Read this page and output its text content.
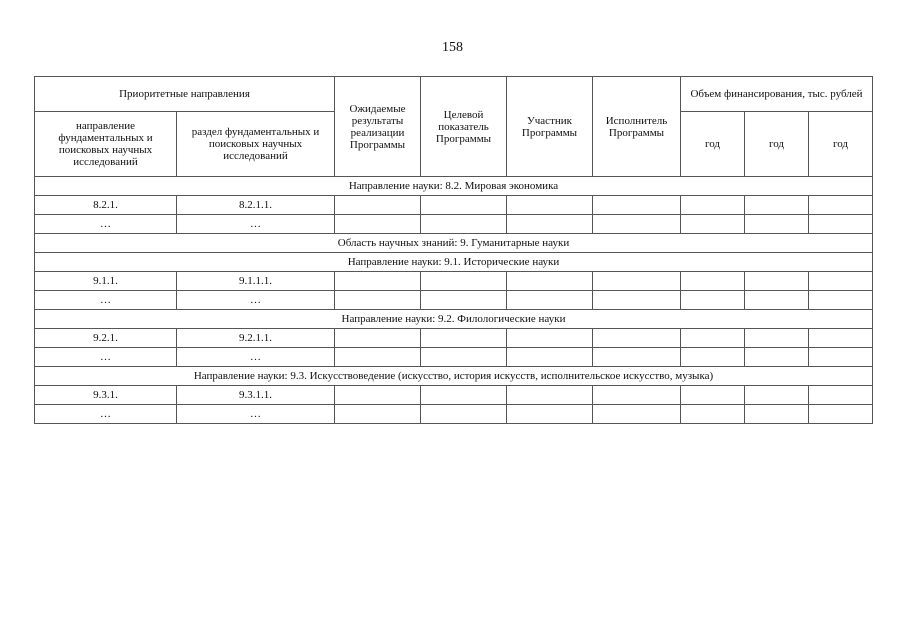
158
Приоритетные направления		Ожидаемые результаты реализации Программы	Целевой показатель Программы	Участник Программы	Исполнитель Программы	Объем финансирования, тыс. рублей		
направление фундаментальных и поисковых научных исследований	раздел фундаментальных и поисковых научных исследований					год	год	год
Направление науки: 8.2. Мировая экономика								
8.2.1.	8.2.1.1.							
…	…							
Область научных знаний: 9. Гуманитарные науки								
Направление науки: 9.1. Исторические науки								
9.1.1.	9.1.1.1.							
…	…							
Направление науки: 9.2. Филологические науки								
9.2.1.	9.2.1.1.							
…	…							
Направление науки: 9.3. Искусствоведение (искусство, история искусств, исполнительское искусство, музыка)								
9.3.1.	9.3.1.1.							
…	…							
